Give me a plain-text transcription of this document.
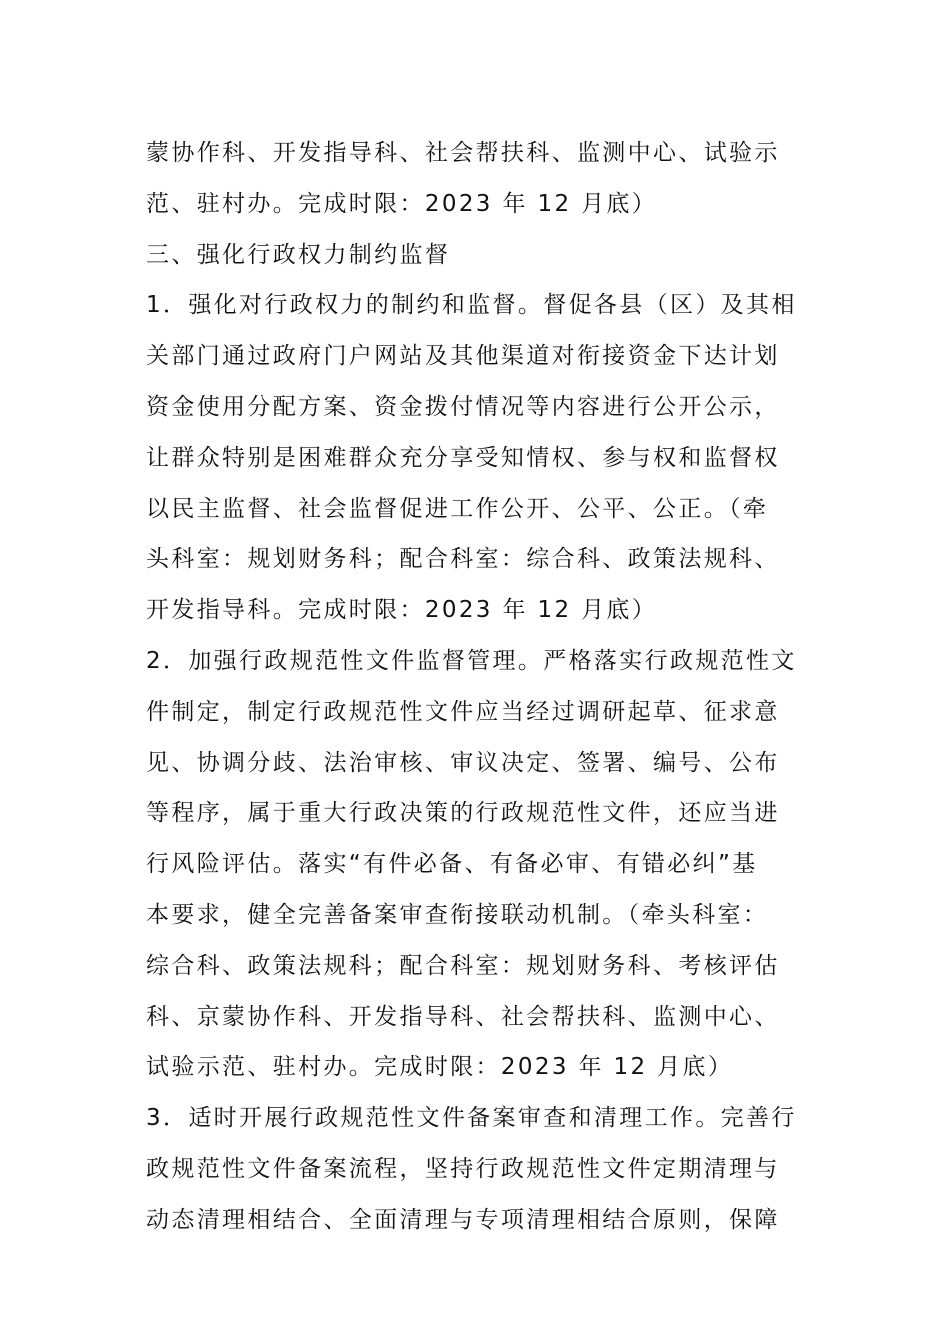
蒙协作科、开发指导科、社会帮扶科、监测中心、试验示
范、驻村办。完成时限：2023 年 12 月底）
三、强化行政权力制约监督
1．强化对行政权力的制约和监督。督促各县（区）及其相
关部门通过政府门户网站及其他渠道对衔接资金下达计划
资金使用分配方案、资金拨付情况等内容进行公开公示，
让群众特别是困难群众充分享受知情权、参与权和监督权
以民主监督、社会监督促进工作公开、公平、公正。（牵
头科室：规划财务科；配合科室：综合科、政策法规科、
开发指导科。完成时限：2023 年 12 月底）
2．加强行政规范性文件监督管理。严格落实行政规范性文
件制定，制定行政规范性文件应当经过调研起草、征求意
见、协调分歧、法治审核、审议决定、签署、编号、公布
等程序，属于重大行政决策的行政规范性文件，还应当进
行风险评估。落实“有件必备、有备必审、有错必纠”基
本要求，健全完善备案审查衔接联动机制。（牵头科室：
综合科、政策法规科；配合科室：规划财务科、考核评估
科、京蒙协作科、开发指导科、社会帮扶科、监测中心、
试验示范、驻村办。完成时限：2023 年 12 月底）
3．适时开展行政规范性文件备案审查和清理工作。完善行
政规范性文件备案流程，坚持行政规范性文件定期清理与
动态清理相结合、全面清理与专项清理相结合原则，保障
